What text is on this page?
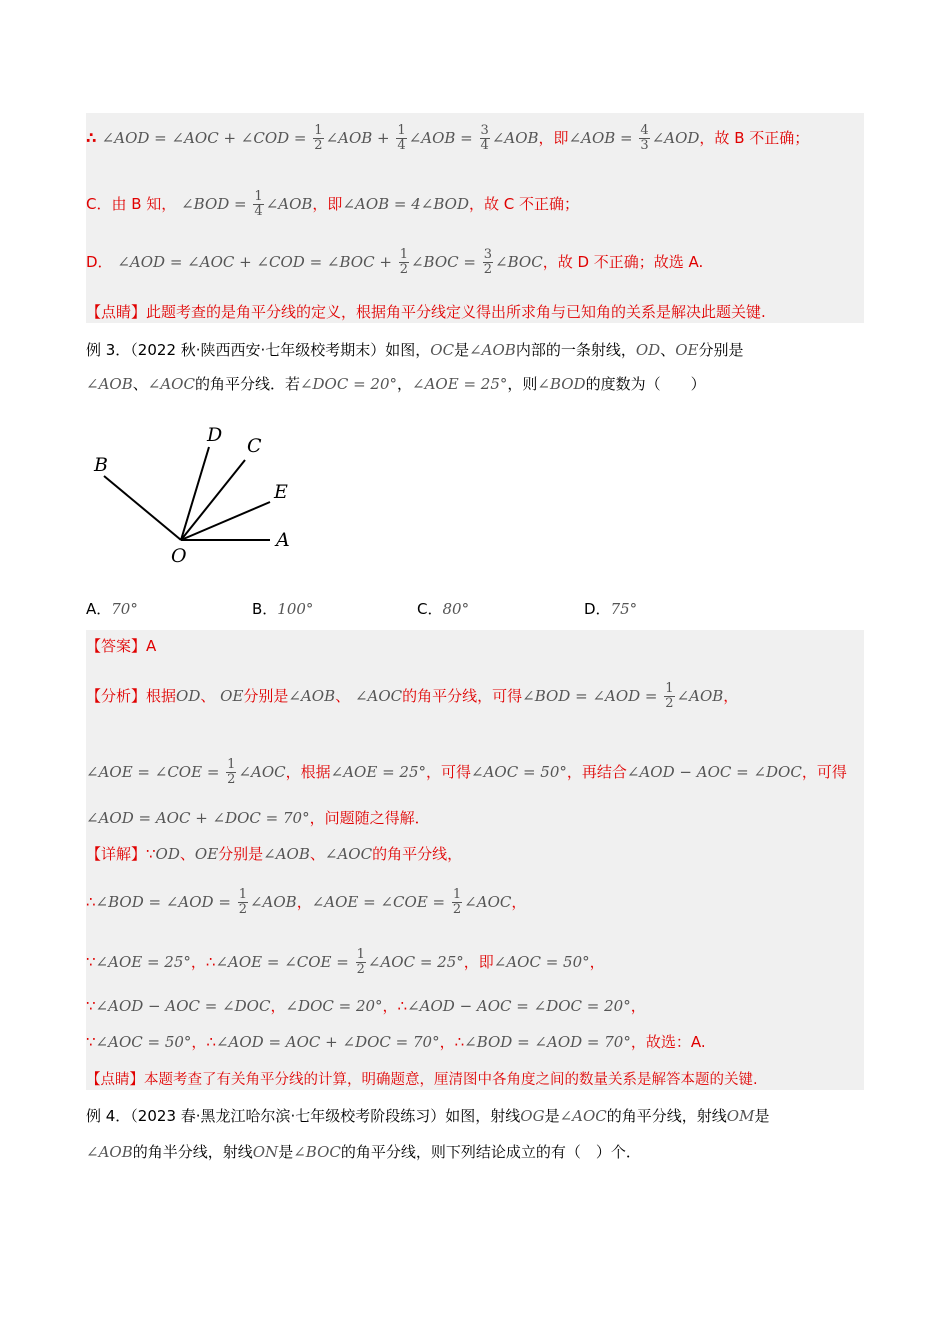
∴ ∠AOD = ∠AOC + ∠COD = $\frac{1}{2}$ ∠AOB + $\frac{1}{4}$ ∠AOB = $\frac{3}{4}$ ∠AOB，即∠AOB = $\frac{4}{3}$ ∠AOD，故 B 不正确；
C．由 B 知， ∠BOD = $\frac{1}{4}$ ∠AOB，即∠AOB = 4∠BOD，故 C 不正确；
D． ∠AOD = ∠AOC + ∠COD = ∠BOC + $\frac{1}{2}$ ∠BOC = $\frac{3}{2}$ ∠BOC，故 D 不正确；故选 A.
【点睛】此题考查的是角平分线的定义，根据角平分线定义得出所求角与已知角的关系是解决此题关键.
例 3．（2022 秋·陕西西安·七年级校考期末）如图，OC是∠AOB内部的一条射线，OD、OE分别是
∠AOB、∠AOC的角平分线．若∠DOC = 20°，∠AOE = 25°，则∠BOD的度数为（　　）
D C
B
E
O
A
A．70°	B．100°	C．80°	D．75°
【答案】A
【分析】根据OD、 OE分别是∠AOB、 ∠AOC的角平分线，可得∠BOD = ∠AOD = $\frac{1}{2}$ ∠AOB，
∠AOE = ∠COE = $\frac{1}{2}$ ∠AOC，根据∠AOE = 25°，可得∠AOC = 50°，再结合∠AOD − AOC = ∠DOC，可得
∠AOD = AOC + ∠DOC = 70°，问题随之得解．
【详解】∵OD、OE分别是∠AOB、∠AOC的角平分线，
∴∠BOD = ∠AOD = $\frac{1}{2}$ ∠AOB，∠AOE = ∠COE = $\frac{1}{2}$ ∠AOC，
∵∠AOE = 25°，∴∠AOE = ∠COE = $\frac{1}{2}$ ∠AOC = 25°，即∠AOC = 50°，
∵∠AOD − AOC = ∠DOC，∠DOC = 20°，∴∠AOD − AOC = ∠DOC = 20°，
∵∠AOC = 50°，∴∠AOD = AOC + ∠DOC = 70°，∴∠BOD = ∠AOD = 70°，故选：A.
【点睛】本题考查了有关角平分线的计算，明确题意，厘清图中各角度之间的数量关系是解答本题的关键.
例 4．（2023 春·黑龙江哈尔滨·七年级校考阶段练习）如图，射线OG是∠AOC的角平分线，射线OM是
∠AOB的角半分线，射线ON是∠BOC的角平分线，则下列结论成立的有（　）个．
